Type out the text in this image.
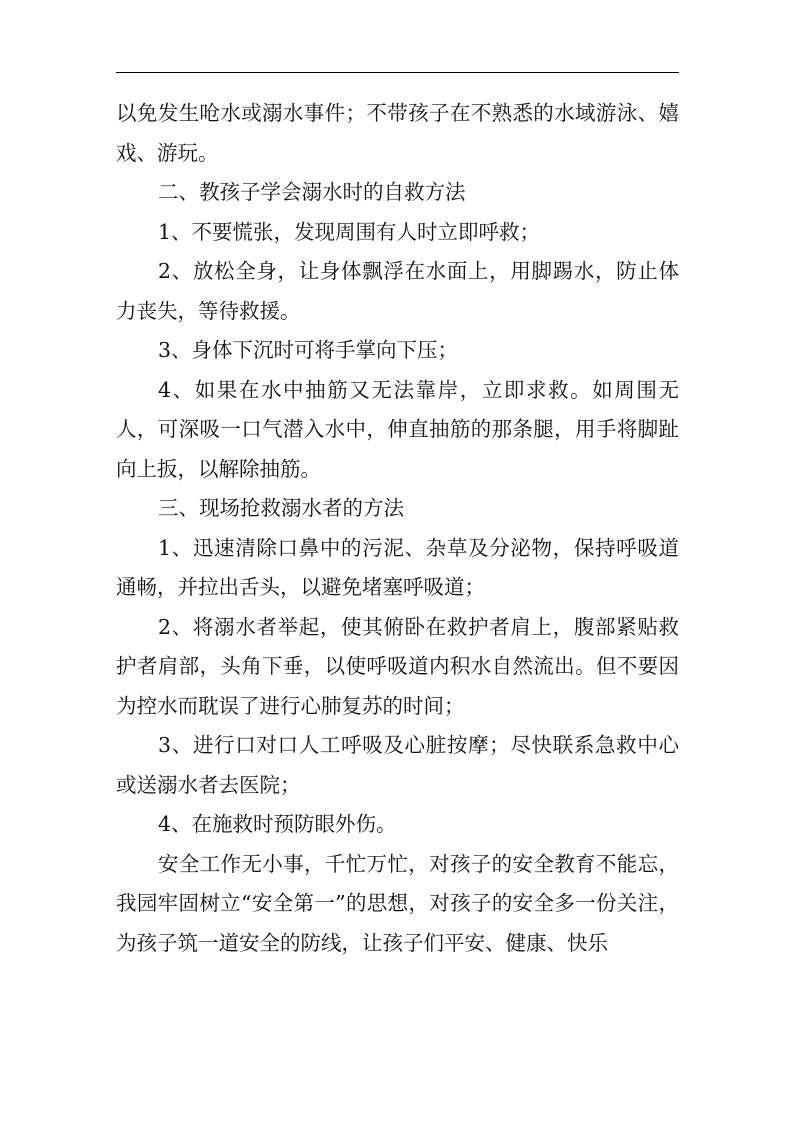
以免发生呛水或溺水事件；不带孩子在不熟悉的水域游泳、嬉戏、游玩。

二、教孩子学会溺水时的自救方法

1、不要慌张，发现周围有人时立即呼救；

2、放松全身，让身体飘浮在水面上，用脚踢水，防止体力丧失，等待救援。

3、身体下沉时可将手掌向下压；

4、如果在水中抽筋又无法靠岸，立即求救。如周围无人，可深吸一口气潜入水中，伸直抽筋的那条腿，用手将脚趾向上扳，以解除抽筋。

三、现场抢救溺水者的方法

1、迅速清除口鼻中的污泥、杂草及分泌物，保持呼吸道通畅，并拉出舌头，以避免堵塞呼吸道；

2、将溺水者举起，使其俯卧在救护者肩上，腹部紧贴救护者肩部，头角下垂，以使呼吸道内积水自然流出。但不要因为控水而耽误了进行心肺复苏的时间；

3、进行口对口人工呼吸及心脏按摩；尽快联系急救中心或送溺水者去医院；

4、在施救时预防眼外伤。

安全工作无小事，千忙万忙，对孩子的安全教育不能忘，我园牢固树立“安全第一”的思想，对孩子的安全多一份关注，为孩子筑一道安全的防线，让孩子们平安、健康、快乐
